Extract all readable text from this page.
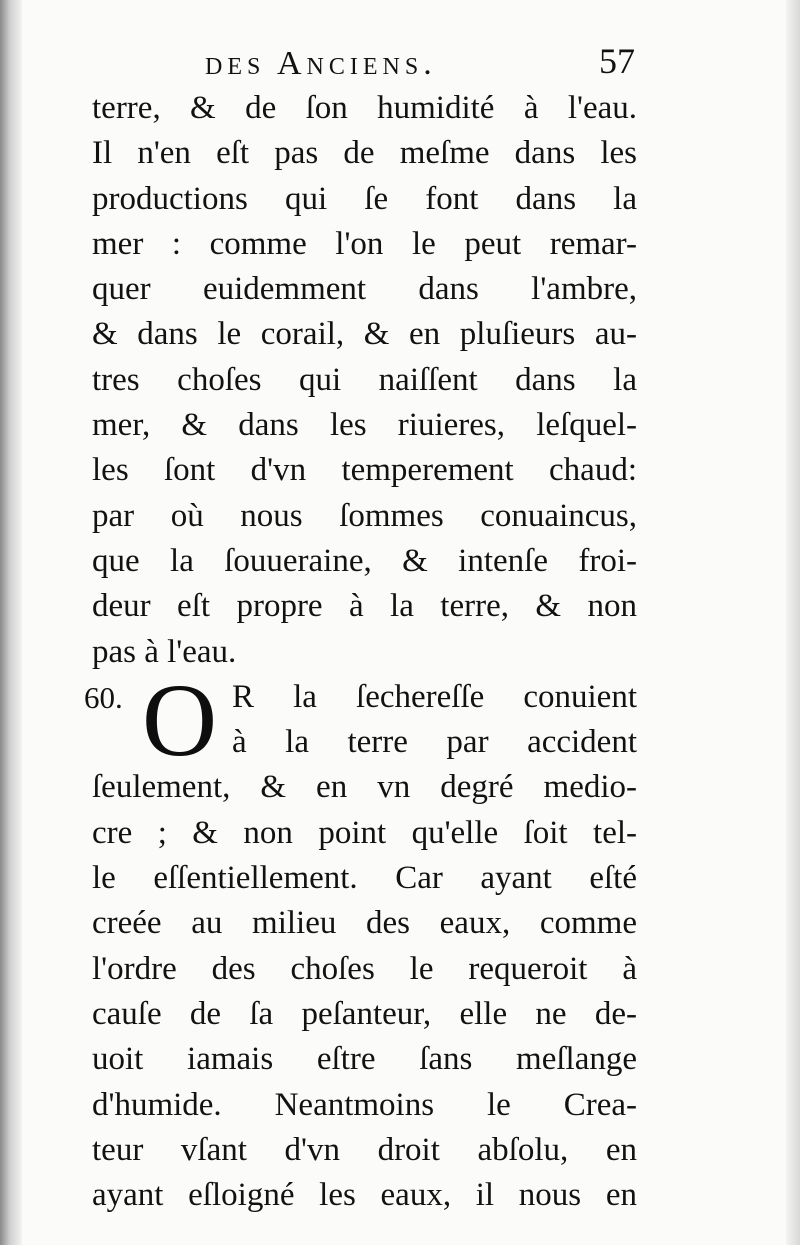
des Anciens.	57
terre, & de ſon humidité à l'eau.
Il n'en eſt pas de meſme dans les
productions qui ſe font dans la
mer : comme l'on le peut remar-
quer euidemment dans l'ambre,
& dans le corail, & en pluſieurs au-
tres choſes qui naiſſent dans la
mer, & dans les riuieres, leſquel-
les ſont d'vn temperement chaud:
par où nous ſommes conuaincus,
que la ſouueraine, & intenſe froi-
deur eſt propre à la terre, & non
pas à l'eau.
60. O R la ſechereſſe conuient
à la terre par accident
ſeulement, & en vn degré medio-
cre ; & non point qu'elle ſoit tel-
le eſſentiellement. Car ayant eſté
creée au milieu des eaux, comme
l'ordre des choſes le requeroit à
cauſe de ſa peſanteur, elle ne de-
uoit iamais eſtre ſans meſlange
d'humide. Neantmoins le Crea-
teur vſant d'vn droit abſolu, en
ayant eſloigné les eaux, il nous en
